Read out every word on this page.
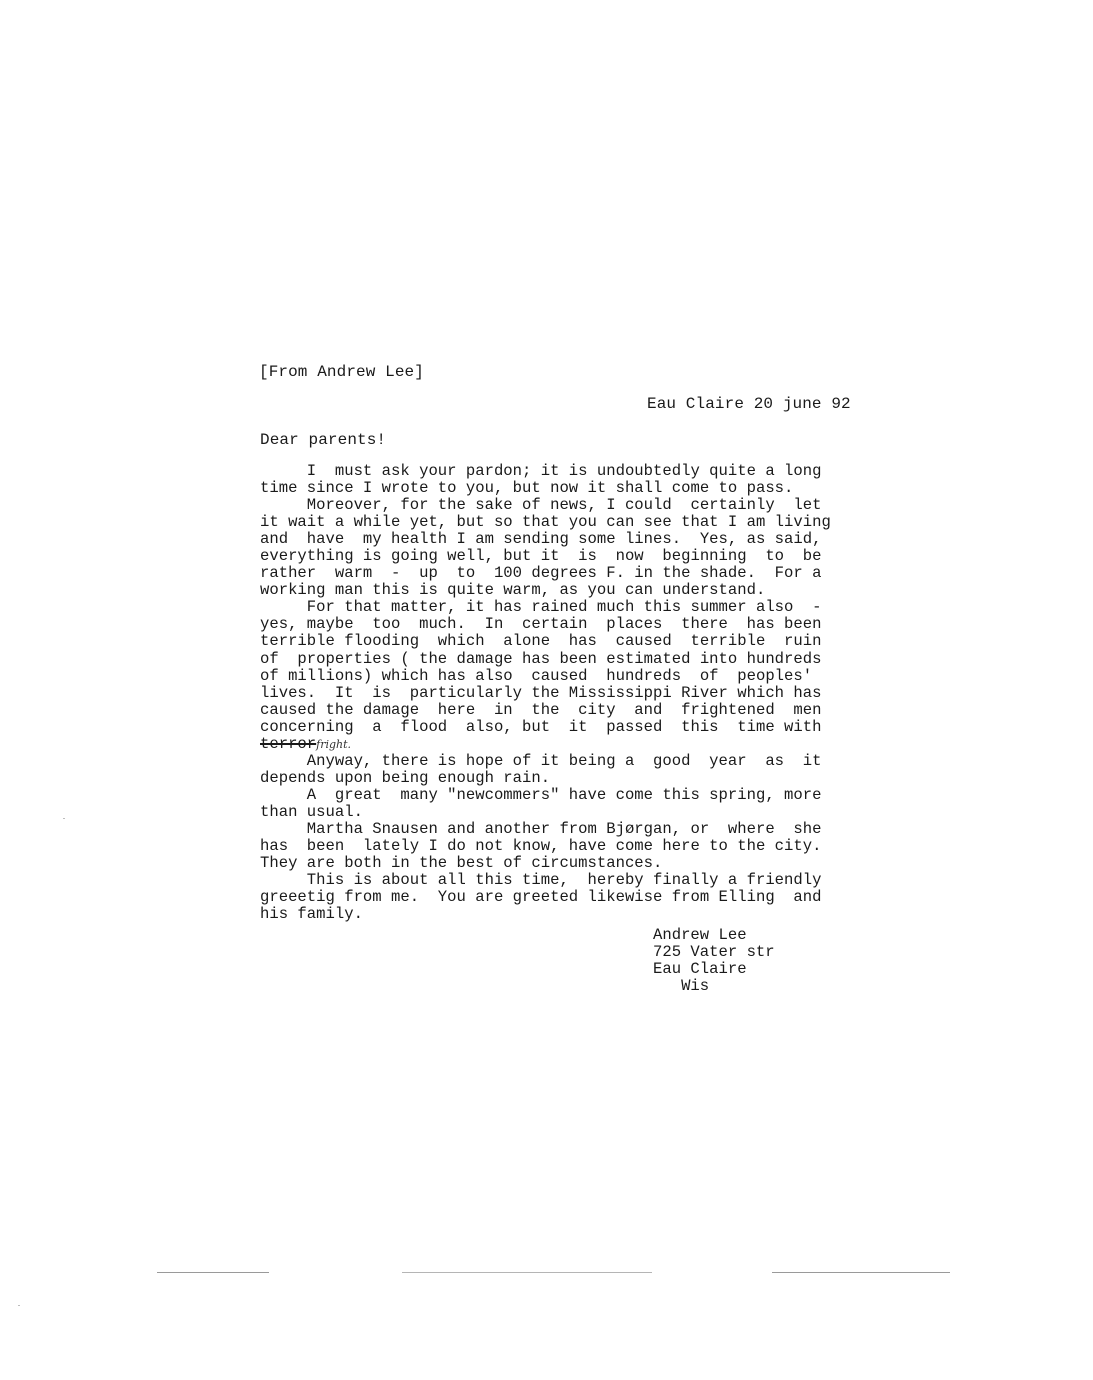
[From Andrew Lee]
Eau Claire 20 june 92
Dear parents!
I  must ask your pardon; it is undoubtedly quite a long
time since I wrote to you, but now it shall come to pass.
Moreover, for the sake of news, I could  certainly  let
it wait a while yet, but so that you can see that I am living
and  have  my health I am sending some lines.  Yes, as said,
everything is going well, but it  is  now  beginning  to  be
rather  warm  -  up  to  100 degrees F. in the shade.  For a
working man this is quite warm, as you can understand.
For that matter, it has rained much this summer also  -
yes, maybe  too  much.  In  certain  places  there  has been
terrible flooding  which  alone  has  caused  terrible  ruin
of  properties ( the damage has been estimated into hundreds
of millions) which has also  caused  hundreds  of  peoples'
lives.  It  is  particularly the Mississippi River which has
caused the damage  here  in  the  city  and  frightened  men
concerning  a  flood  also, but  it  passed  this  time with
terrorfright.
Anyway, there is hope of it being a  good  year  as  it
depends upon being enough rain.
A  great  many "newcommers" have come this spring, more
than usual.
Martha Snausen and another from Bjørgan, or  where  she
has  been  lately I do not know, have come here to the city.
They are both in the best of circumstances.
This is about all this time,  hereby finally a friendly
greeetig from me.  You are greeted likewise from Elling  and
his family.
Andrew Lee
725 Vater str
Eau Claire
Wis
